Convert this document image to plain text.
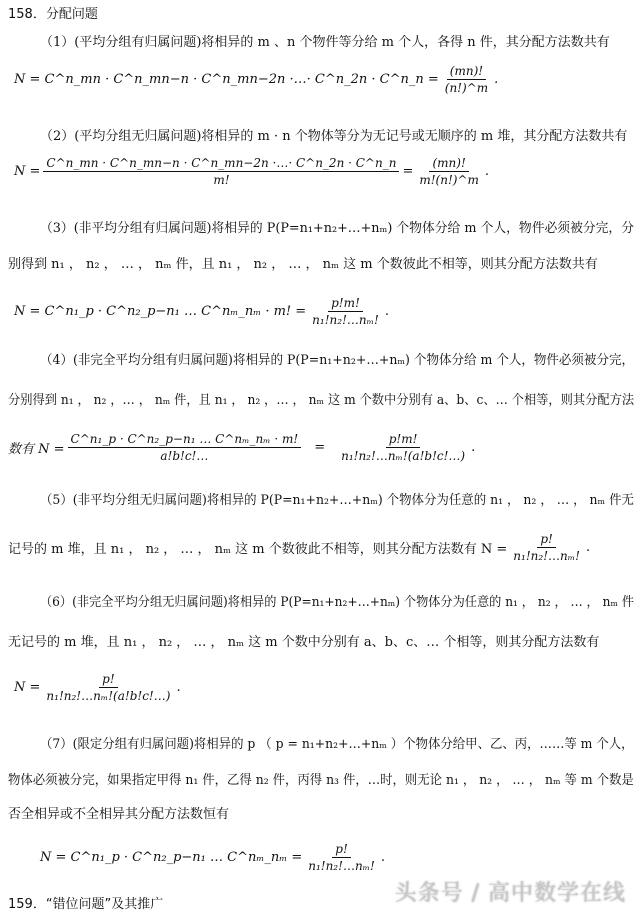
158．分配问题
（1）(平均分组有归属问题)将相异的 m 、n 个物件等分给 m 个人，各得 n 件，其分配方法数共有
N = C^n_mn · C^n_mn−n · C^n_mn−2n ·…· C^n_2n · C^n_n = $\frac{(mn)!}{(n!)\^{}m}$ .
（2）(平均分组无归属问题)将相异的 m · n 个物体等分为无记号或无顺序的 m 堆，其分配方法数共有
$N = \frac{C\^{}n\_mn \cdot C\^{}n\_mn-n \cdot C\^{}n\_mn-2n \cdot\dots\cdot C\^{}n\_2n \cdot C\^{}n\_n}{m!} = \frac{(mn)!}{m!(n!)\^{}m}$ .
（3）(非平均分组有归属问题)将相异的 P(P=n₁+n₂+…+nₘ) 个物体分给 m 个人，物件必须被分完，分
别得到 n₁ ， n₂ ， … ， nₘ 件，且 n₁ ， n₂ ， … ， nₘ 这 m 个数彼此不相等，则其分配方法数共有
N = C^n₁_p · C^n₂_p−n₁ … C^nₘ_nₘ · m! = $\frac{p!m!}{\text{n₁!n₂!…nₘ!}}$ .
（4）(非完全平均分组有归属问题)将相异的 P(P=n₁+n₂+…+nₘ) 个物体分给 m 个人，物件必须被分完，
分别得到 n₁ ， n₂ ，… ， nₘ 件，且 n₁ ， n₂ ，… ， nₘ 这 m 个数中分别有 a、b、c、… 个相等，则其分配方法
数有 $N = \frac{\text{C\textasciicircum{}n₁\_p · C\textasciicircum{}n₂\_p−n₁ … C\textasciicircum{}nₘ\_nₘ · m!}}{a!b!c!\dots} = \frac{p!m!}{\text{n₁!n₂!…nₘ!(a!b!c!…)}}$ .
（5）(非平均分组无归属问题)将相异的 P(P=n₁+n₂+…+nₘ) 个物体分为任意的 n₁ ， n₂ ， … ， nₘ 件无
记号的 m 堆，且 n₁ ， n₂ ， … ， nₘ 这 m 个数彼此不相等，则其分配方法数有 $N = \frac{p!}{\text{n₁!n₂!…nₘ!}}$ .
（6）(非完全平均分组无归属问题)将相异的 P(P=n₁+n₂+…+nₘ) 个物体分为任意的 n₁ ， n₂ ， … ， nₘ 件
无记号的 m 堆，且 n₁ ， n₂ ， … ， nₘ 这 m 个数中分别有 a、b、c、… 个相等，则其分配方法数有
$N = \frac{p!}{\text{n₁!n₂!…nₘ!(a!b!c!…)}}$ .
（7）(限定分组有归属问题)将相异的 p （ p = n₁+n₂+…+nₘ ）个物体分给甲、乙、丙，……等 m 个人，
物体必须被分完，如果指定甲得 n₁ 件，乙得 n₂ 件，丙得 n₃ 件，…时，则无论 n₁ ， n₂ ， … ， nₘ 等 m 个数是
否全相异或不全相异其分配方法数恒有
N = C^n₁_p · C^n₂_p−n₁ … C^nₘ_nₘ = $\frac{p!}{\text{n₁!n₂!…nₘ!}}$ .
159．“错位问题”及其推广	头条号 / 高中数学在线
